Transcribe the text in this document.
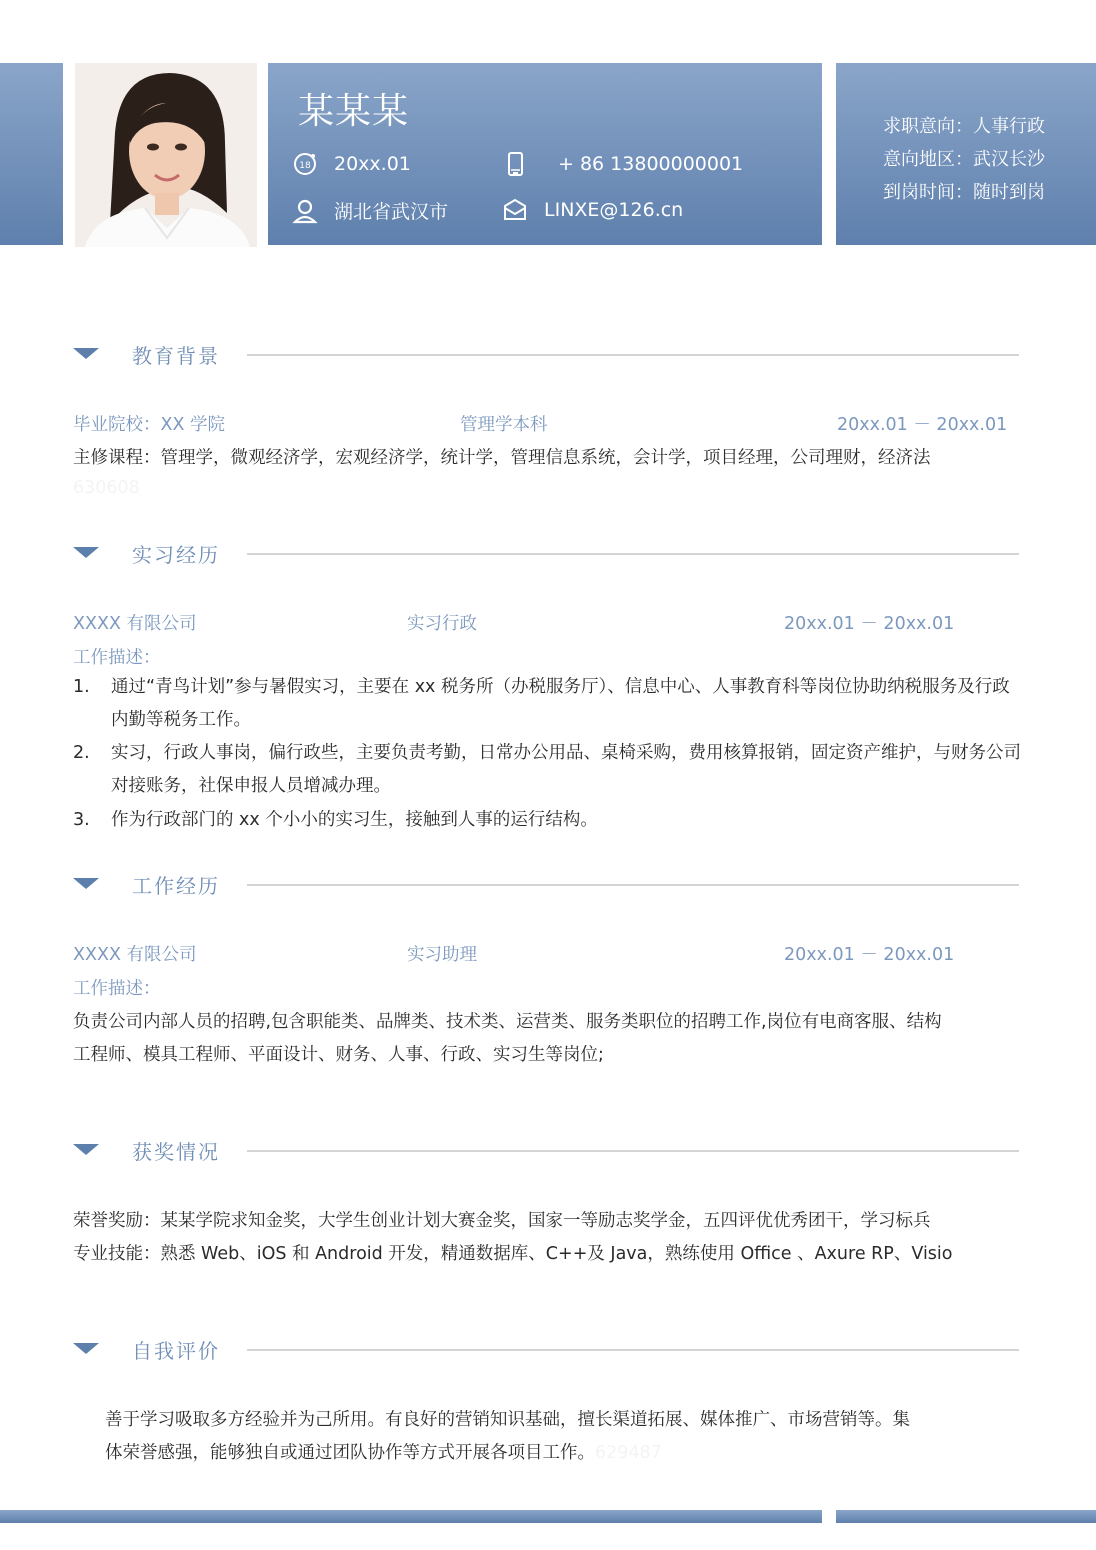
某某某
18 20xx.01	+ 86 13800000001
湖北省武汉市	LINXE@126.cn
求职意向：人事行政
意向地区：武汉长沙
到岗时间：随时到岗
教育背景
毕业院校：XX 学院	管理学本科	20xx.01 － 20xx.01
主修课程：管理学，微观经济学，宏观经济学，统计学，管理信息系统，会计学，项目经理，公司理财，经济法
630608
实习经历
XXXX 有限公司	实习行政	20xx.01 － 20xx.01
工作描述：
1. 通过“青鸟计划”参与暑假实习，主要在 xx 税务所（办税服务厅）、信息中心、人事教育科等岗位协助纳税服务及行政内勤等税务工作。
2. 实习，行政人事岗，偏行政些，主要负责考勤，日常办公用品、桌椅采购，费用核算报销，固定资产维护，与财务公司对接账务，社保申报人员增减办理。
3. 作为行政部门的 xx 个小小的实习生，接触到人事的运行结构。
工作经历
XXXX 有限公司	实习助理	20xx.01 － 20xx.01
工作描述：
负责公司内部人员的招聘,包含职能类、品牌类、技术类、运营类、服务类职位的招聘工作,岗位有电商客服、结构
工程师、模具工程师、平面设计、财务、人事、行政、实习生等岗位;
获奖情况
荣誉奖励：某某学院求知金奖，大学生创业计划大赛金奖，国家一等励志奖学金，五四评优优秀团干，学习标兵
专业技能：熟悉 Web、iOS 和 Android 开发，精通数据库、C++及 Java，熟练使用 Office 、Axure RP、Visio
自我评价
善于学习吸取多方经验并为己所用。有良好的营销知识基础，擅长渠道拓展、媒体推广、市场营销等。集
体荣誉感强，能够独自或通过团队协作等方式开展各项目工作。629487
